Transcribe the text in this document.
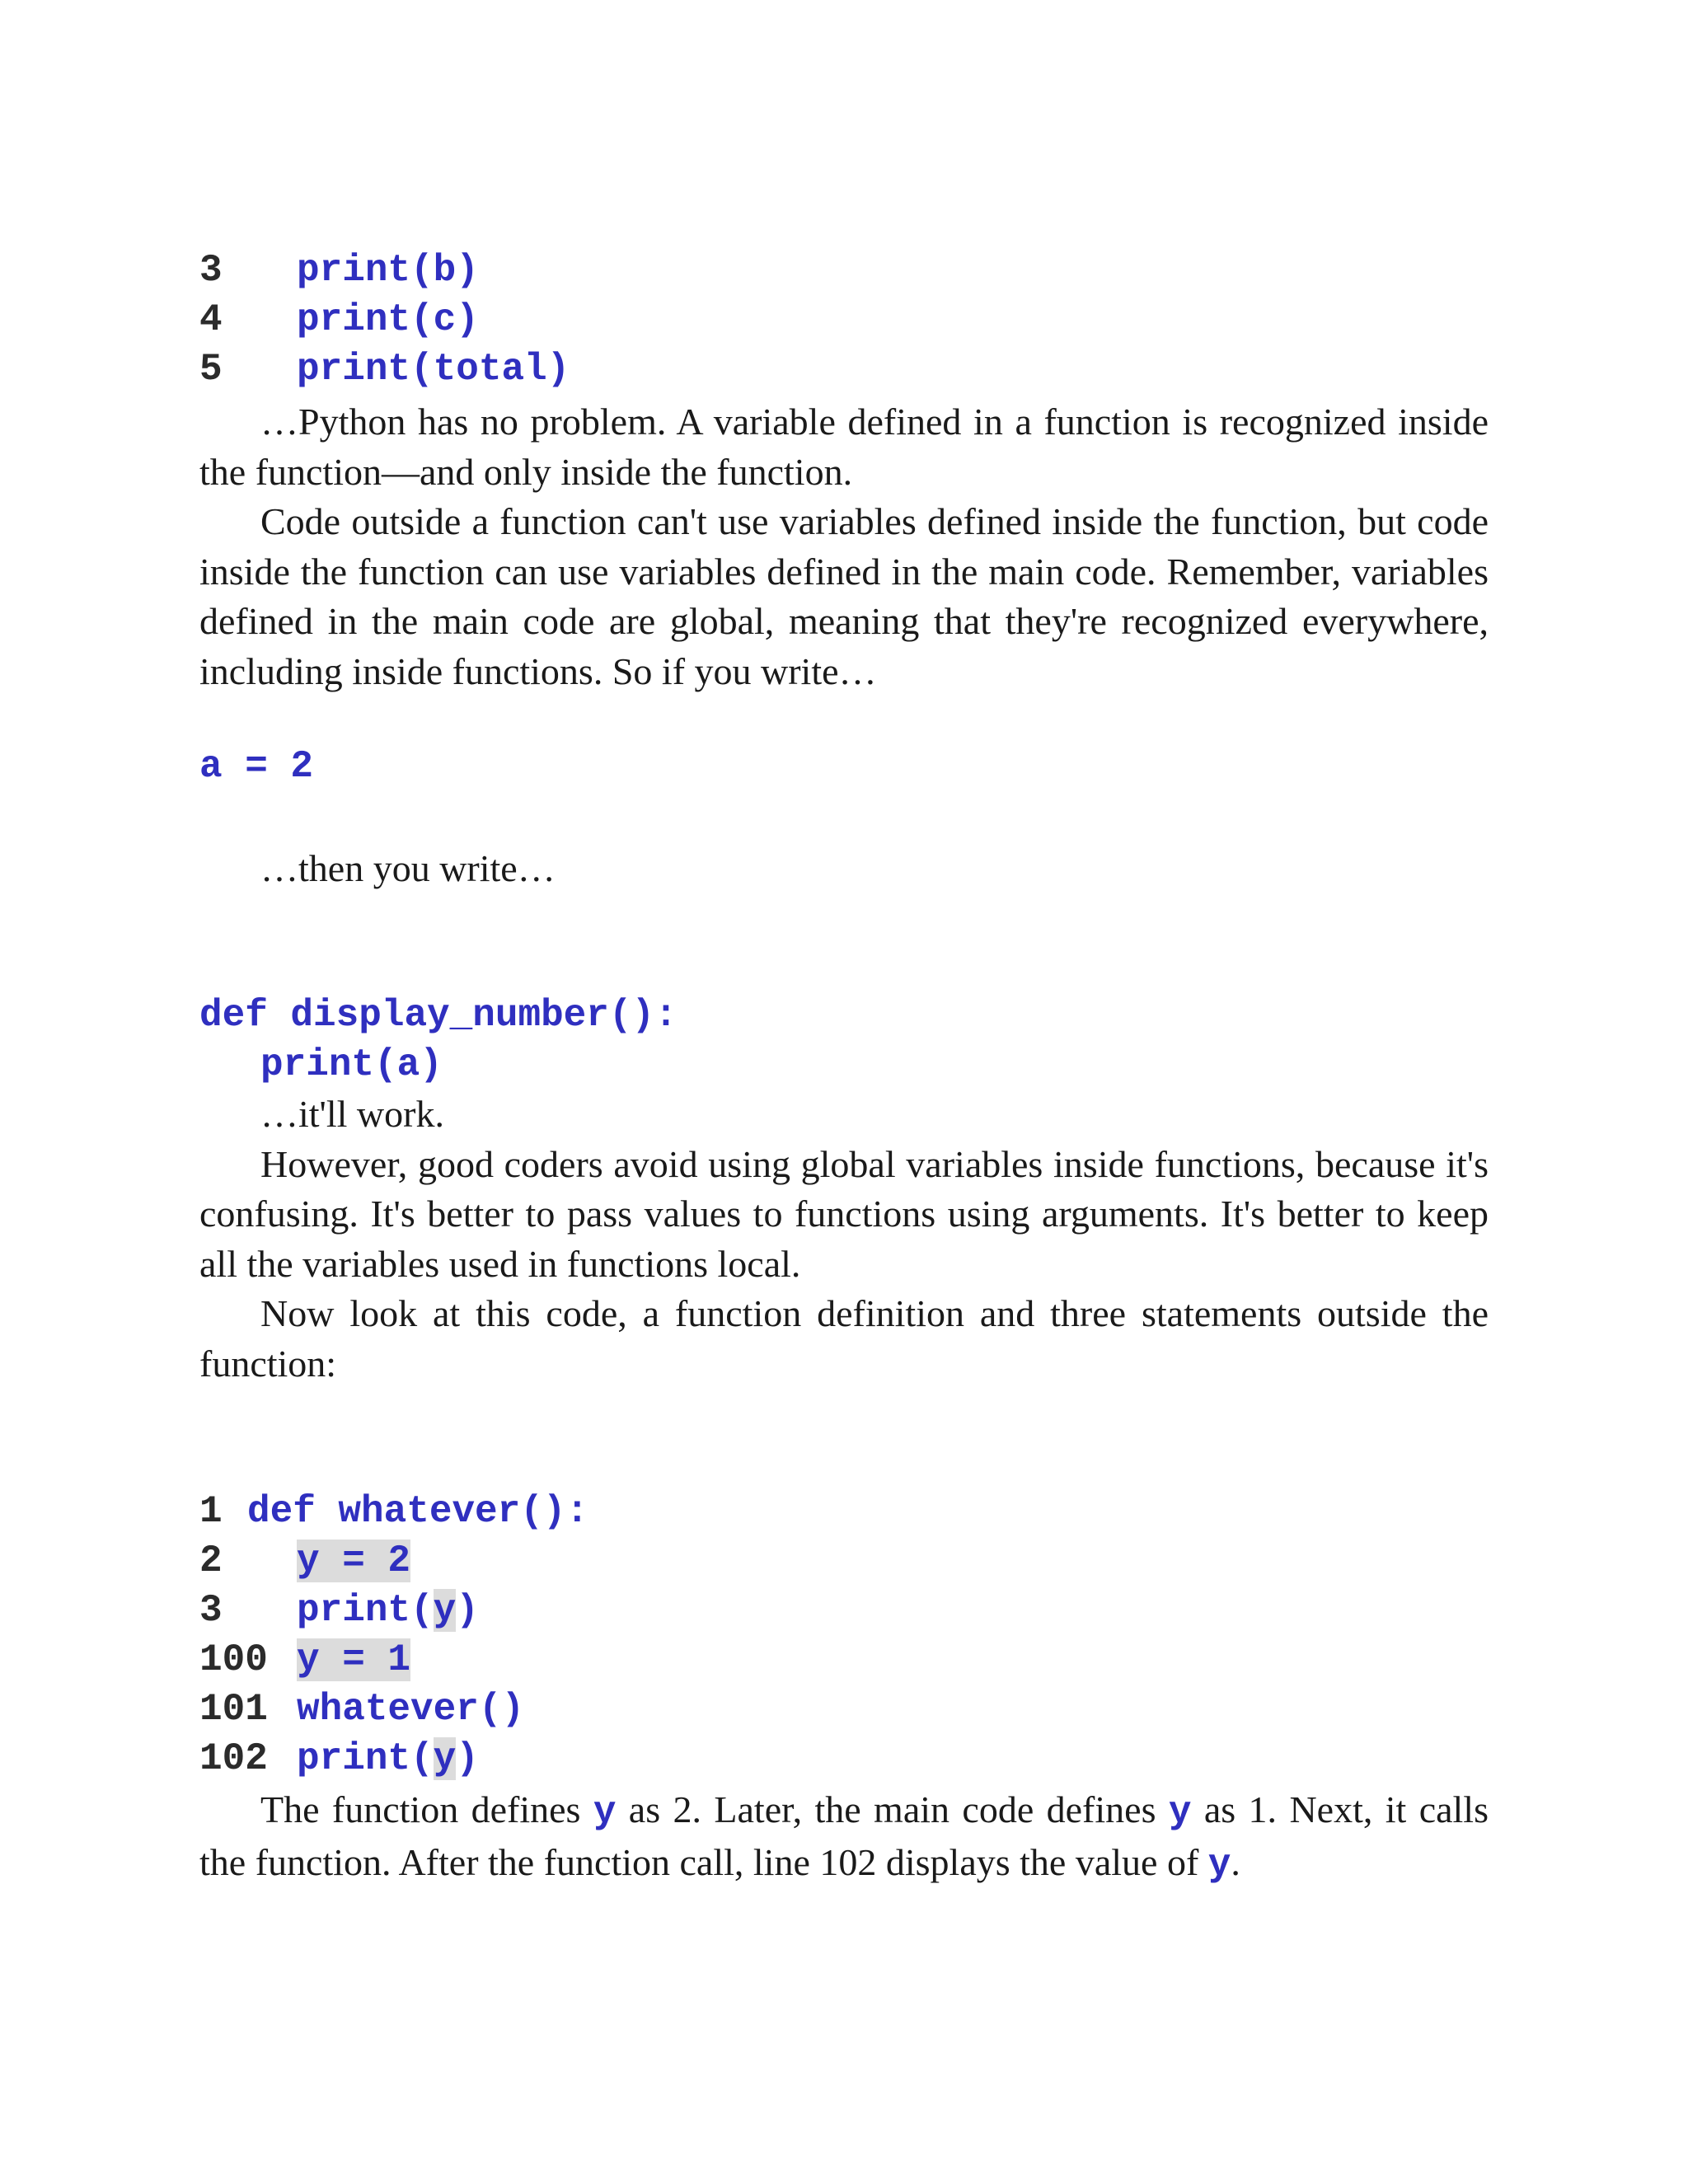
3 print(b)
4 print(c)
5 print(total)

…Python has no problem. A variable defined in a function is recognized inside the function—and only inside the function.

Code outside a function can't use variables defined inside the function, but code inside the function can use variables defined in the main code. Remember, variables defined in the main code are global, meaning that they're recognized everywhere, including inside functions. So if you write…

a = 2

…then you write…

def display_number():
print(a)

…it'll work.

However, good coders avoid using global variables inside functions, because it's confusing. It's better to pass values to functions using arguments. It's better to keep all the variables used in functions local.

Now look at this code, a function definition and three statements outside the function:

1 def whatever():
2 y = 2
3 print(y)
100 y = 1
101 whatever()
102 print(y)

The function defines y as 2. Later, the main code defines y as 1. Next, it calls the function. After the function call, line 102 displays the value of y.
